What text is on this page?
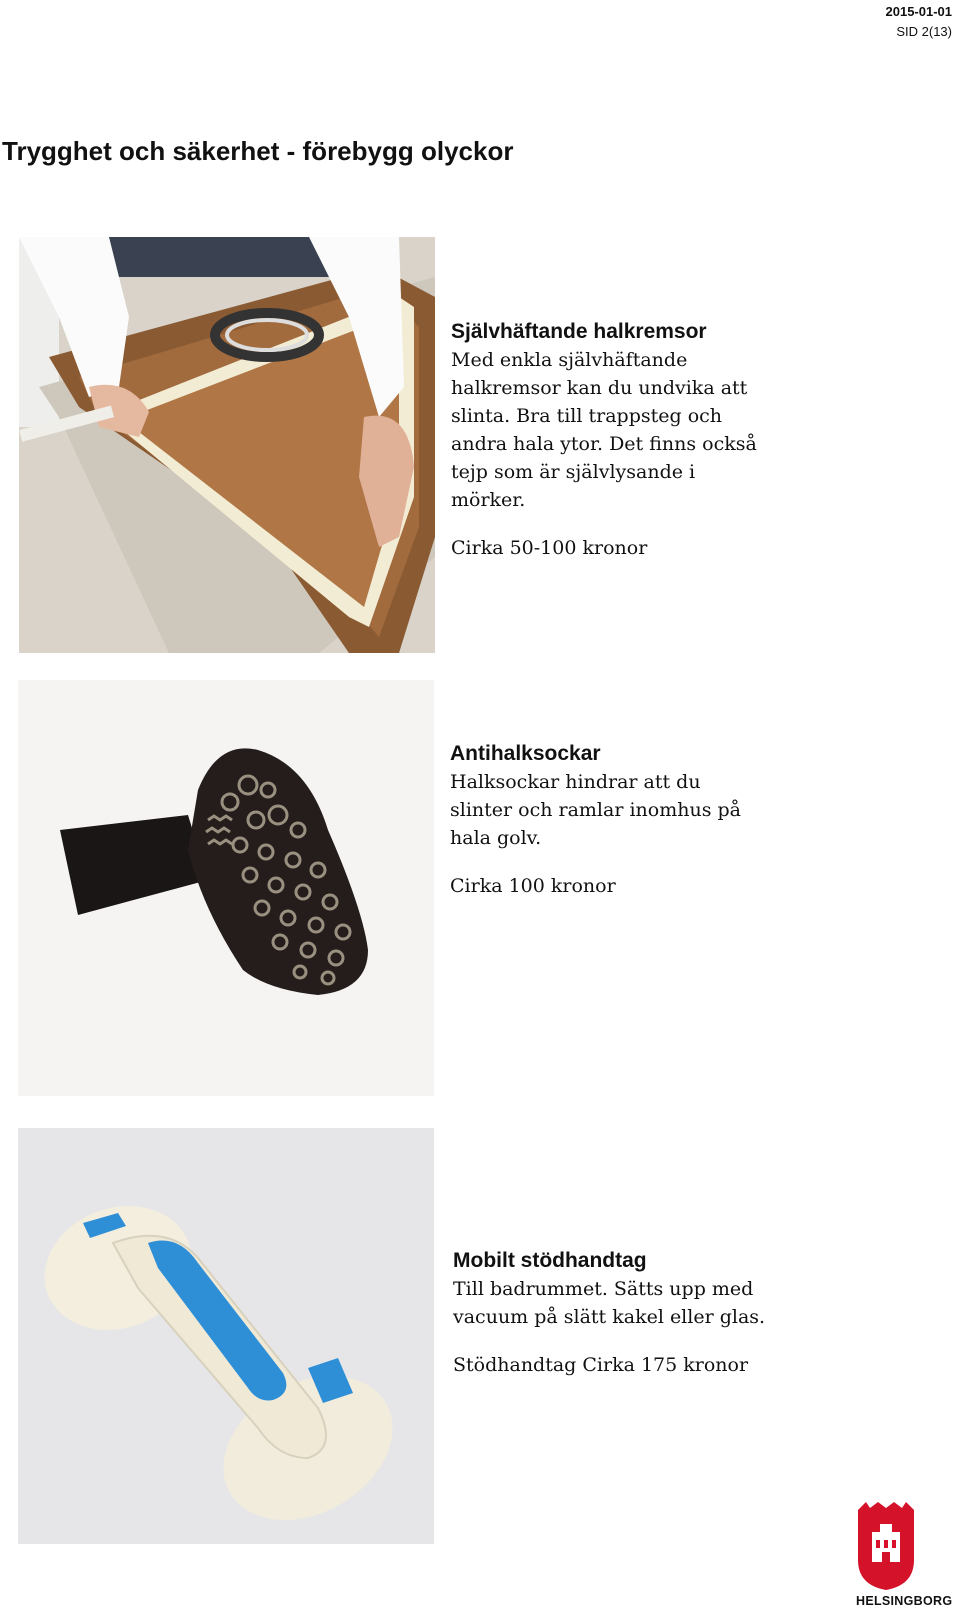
2015-01-01
SID 2(13)
Trygghet och säkerhet - förebygg olyckor
Självhäftande halkremsor

Med enkla självhäftande

halkremsor kan du undvika att

slinta. Bra till trappsteg och

andra hala ytor. Det finns också

tejp som är självlysande i

mörker.

Cirka 50-100 kronor

Antihalksockar

Halksockar hindrar att du

slinter och ramlar inomhus på

hala golv.

Cirka 100 kronor

Mobilt stödhandtag

Till badrummet. Sätts upp med

vacuum på slätt kakel eller glas.

Stödhandtag Cirka 175 kronor

HELSINGBORG
